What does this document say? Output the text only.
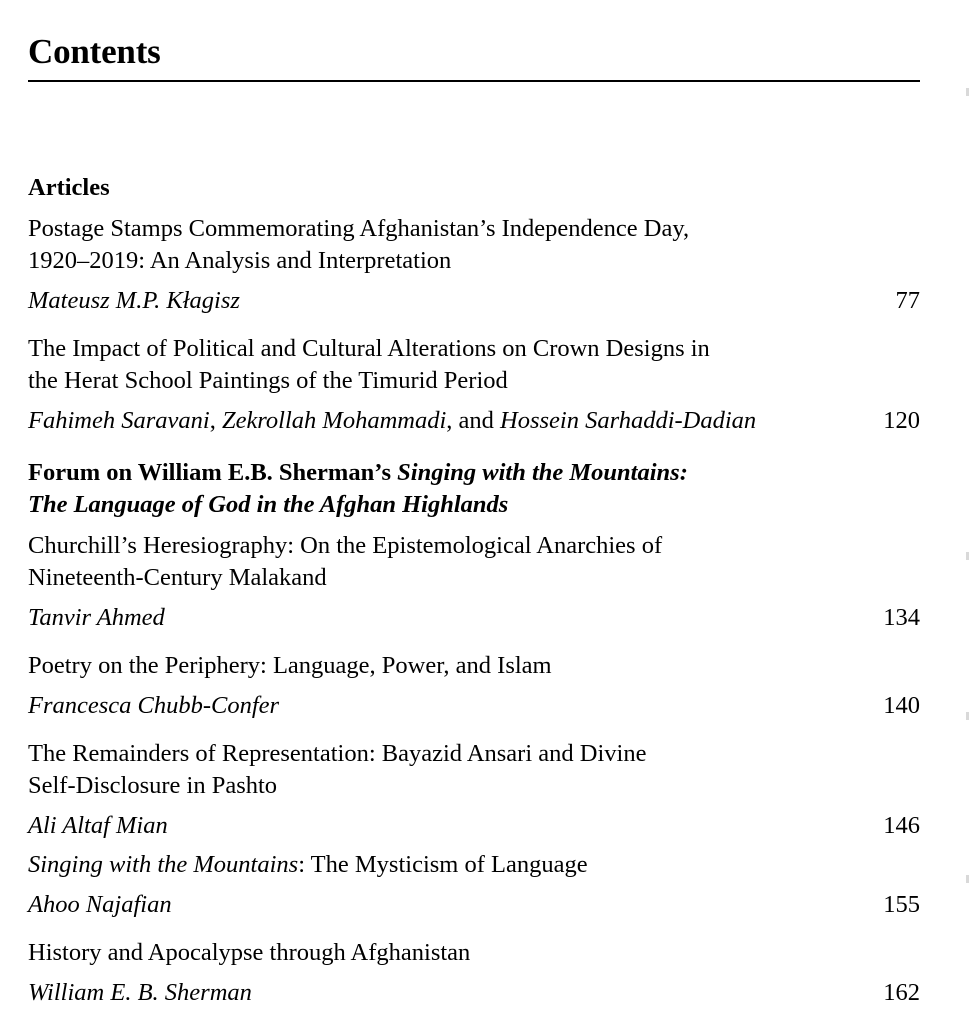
Contents
Articles
Postage Stamps Commemorating Afghanistan’s Independence Day,
1920–2019: An Analysis and Interpretation
Mateusz M.P. Kłagisz	77
The Impact of Political and Cultural Alterations on Crown Designs in
the Herat School Paintings of the Timurid Period
Fahimeh Saravani, Zekrollah Mohammadi, and Hossein Sarhaddi-Dadian	120
Forum on William E.B. Sherman’s Singing with the Mountains:
The Language of God in the Afghan Highlands
Churchill’s Heresiography: On the Epistemological Anarchies of
Nineteenth-Century Malakand
Tanvir Ahmed	134
Poetry on the Periphery: Language, Power, and Islam
Francesca Chubb-Confer	140
The Remainders of Representation: Bayazid Ansari and Divine
Self-Disclosure in Pashto
Ali Altaf Mian	146
Singing with the Mountains: The Mysticism of Language
Ahoo Najafian	155
History and Apocalypse through Afghanistan
William E. B. Sherman	162
